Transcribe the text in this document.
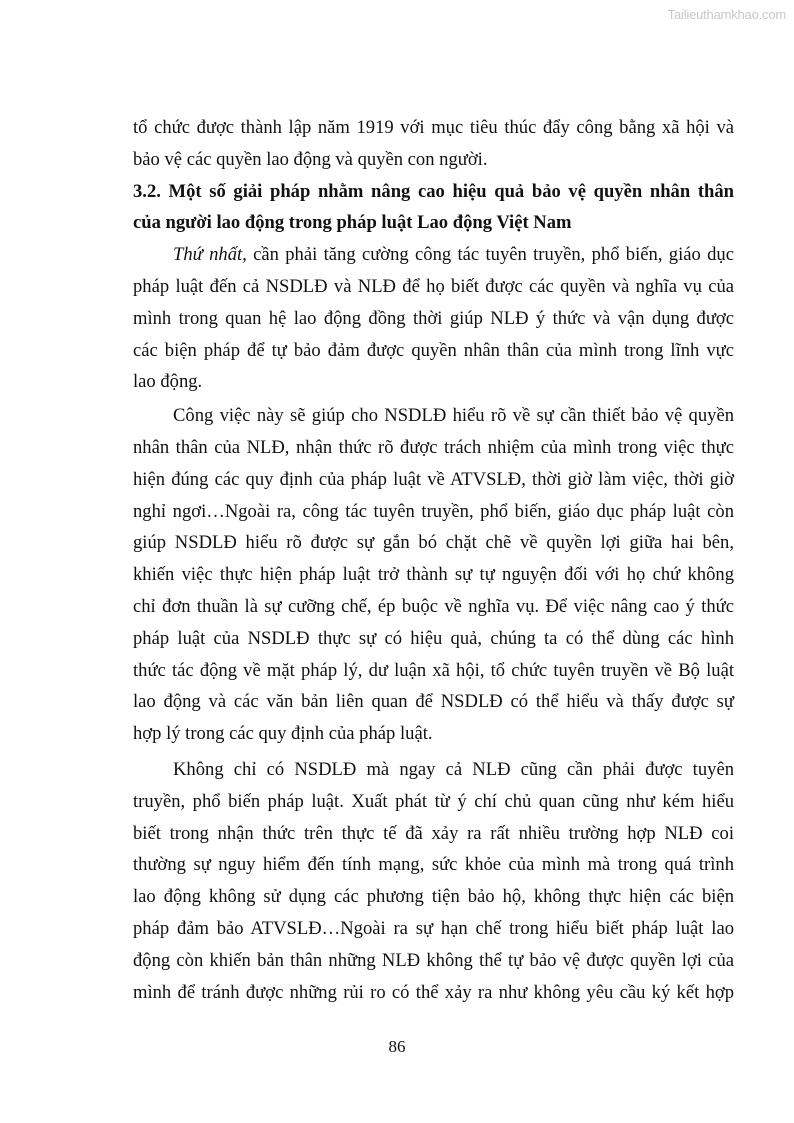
Tailieuthamkhao.com
tổ chức được thành lập năm 1919 với mục tiêu thúc đẩy công bằng xã hội và
bảo vệ các quyền lao động và quyền con người.
3.2. Một số giải pháp nhằm nâng cao hiệu quả bảo vệ quyền nhân thân
của người lao động trong pháp luật Lao động Việt Nam
Thứ nhất, cần phải tăng cường công tác tuyên truyền, phổ biến, giáo dục
pháp luật đến cả NSDLĐ và NLĐ để họ biết được các quyền và nghĩa vụ của
mình trong quan hệ lao động đồng thời giúp NLĐ ý thức và vận dụng được
các biện pháp để tự bảo đảm được quyền nhân thân của mình trong lĩnh vực
lao động.
Công việc này sẽ giúp cho NSDLĐ hiểu rõ về sự cần thiết bảo vệ quyền
nhân thân của NLĐ, nhận thức rõ được trách nhiệm của mình trong việc thực
hiện đúng các quy định của pháp luật về ATVSLĐ, thời giờ làm việc, thời giờ
nghỉ ngơi…Ngoài ra, công tác tuyên truyền, phổ biến, giáo dục pháp luật còn
giúp NSDLĐ hiểu rõ được sự gắn bó chặt chẽ về quyền lợi giữa hai bên,
khiến việc thực hiện pháp luật trở thành sự tự nguyện đối với họ chứ không
chỉ đơn thuần là sự cưỡng chế, ép buộc về nghĩa vụ. Để việc nâng cao ý thức
pháp luật của NSDLĐ thực sự có hiệu quả, chúng ta có thể dùng các hình
thức tác động về mặt pháp lý, dư luận xã hội, tổ chức tuyên truyền về Bộ luật
lao động và các văn bản liên quan để NSDLĐ có thể hiểu và thấy được sự
hợp lý trong các quy định của pháp luật.
Không chỉ có NSDLĐ mà ngay cả NLĐ cũng cần phải được tuyên
truyền, phổ biến pháp luật. Xuất phát từ ý chí chủ quan cũng như kém hiểu
biết trong nhận thức trên thực tế đã xảy ra rất nhiều trường hợp NLĐ coi
thường sự nguy hiểm đến tính mạng, sức khỏe của mình mà trong quá trình
lao động không sử dụng các phương tiện bảo hộ, không thực hiện các biện
pháp đảm bảo ATVSLĐ…Ngoài ra sự hạn chế trong hiểu biết pháp luật lao
động còn khiến bản thân những NLĐ không thể tự bảo vệ được quyền lợi của
mình để tránh được những rủi ro có thể xảy ra như không yêu cầu ký kết hợp
86
